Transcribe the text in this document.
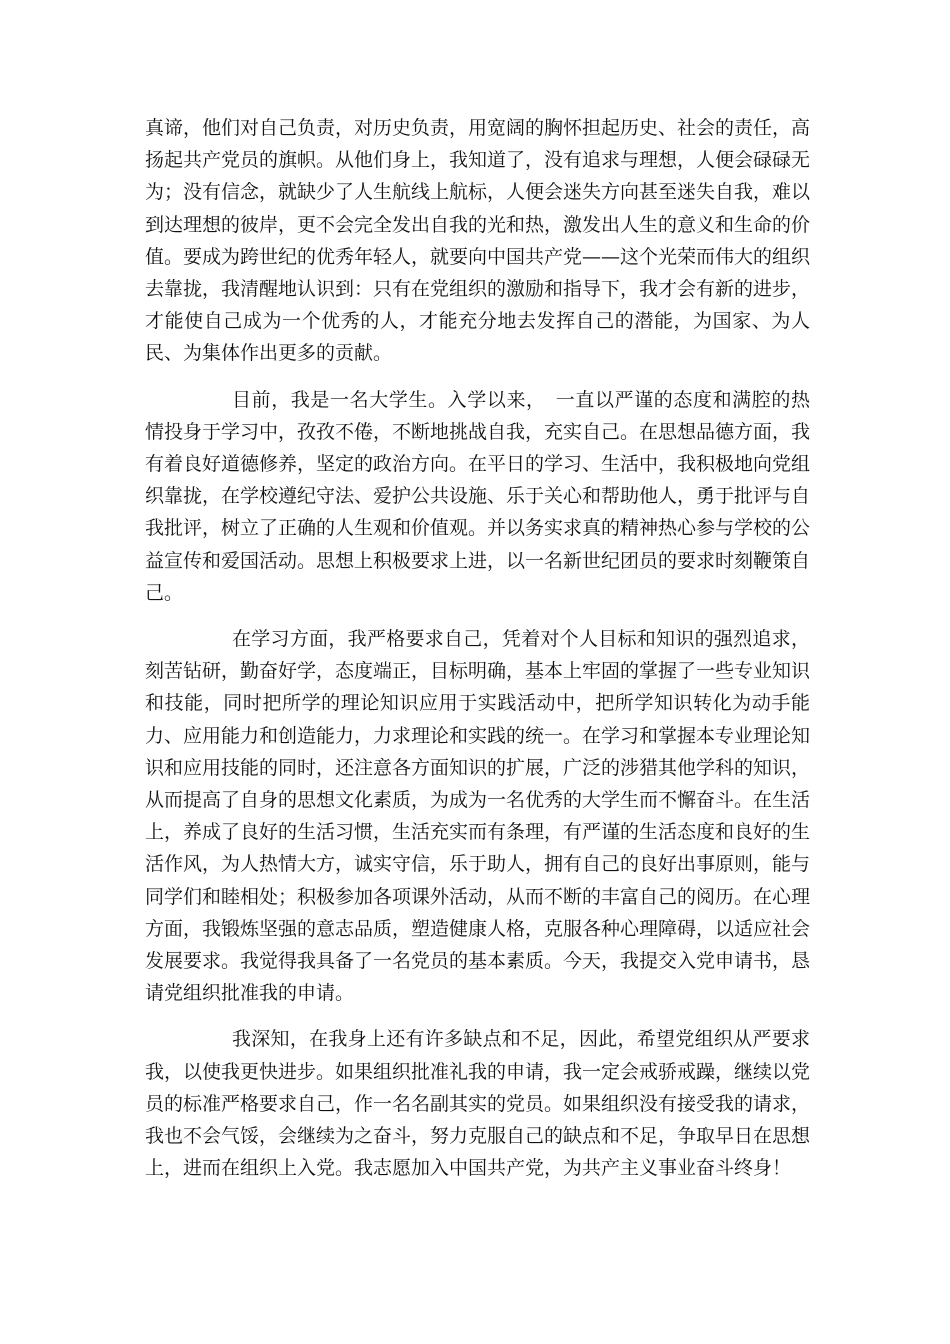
真谛，他们对自己负责，对历史负责，用宽阔的胸怀担起历史、社会的责任，高扬起共产党员的旗帜。从他们身上，我知道了，没有追求与理想，人便会碌碌无为；没有信念，就缺少了人生航线上航标，人便会迷失方向甚至迷失自我，难以到达理想的彼岸，更不会完全发出自我的光和热，激发出人生的意义和生命的价值。要成为跨世纪的优秀年轻人，就要向中国共产党——这个光荣而伟大的组织去靠拢，我清醒地认识到：只有在党组织的激励和指导下，我才会有新的进步，才能使自己成为一个优秀的人，才能充分地去发挥自己的潜能，为国家、为人民、为集体作出更多的贡献。

目前，我是一名大学生。入学以来，　一直以严谨的态度和满腔的热情投身于学习中，孜孜不倦，不断地挑战自我，充实自己。在思想品德方面，我有着良好道德修养，坚定的政治方向。在平日的学习、生活中，我积极地向党组织靠拢，在学校遵纪守法、爱护公共设施、乐于关心和帮助他人，勇于批评与自我批评，树立了正确的人生观和价值观。并以务实求真的精神热心参与学校的公益宣传和爱国活动。思想上积极要求上进，以一名新世纪团员的要求时刻鞭策自己。

在学习方面，我严格要求自己，凭着对个人目标和知识的强烈追求，刻苦钻研，勤奋好学，态度端正，目标明确，基本上牢固的掌握了一些专业知识和技能，同时把所学的理论知识应用于实践活动中，把所学知识转化为动手能力、应用能力和创造能力，力求理论和实践的统一。在学习和掌握本专业理论知识和应用技能的同时，还注意各方面知识的扩展，广泛的涉猎其他学科的知识，从而提高了自身的思想文化素质，为成为一名优秀的大学生而不懈奋斗。在生活上，养成了良好的生活习惯，生活充实而有条理，有严谨的生活态度和良好的生活作风，为人热情大方，诚实守信，乐于助人，拥有自己的良好出事原则，能与同学们和睦相处；积极参加各项课外活动，从而不断的丰富自己的阅历。在心理方面，我锻炼坚强的意志品质，塑造健康人格，克服各种心理障碍，以适应社会发展要求。我觉得我具备了一名党员的基本素质。今天，我提交入党申请书，恳请党组织批准我的申请。

我深知，在我身上还有许多缺点和不足，因此，希望党组织从严要求我，以使我更快进步。如果组织批准礼我的申请，我一定会戒骄戒躁，继续以党员的标准严格要求自己，作一名名副其实的党员。如果组织没有接受我的请求，我也不会气馁，会继续为之奋斗，努力克服自己的缺点和不足，争取早日在思想上，进而在组织上入党。我志愿加入中国共产党，为共产主义事业奋斗终身！
